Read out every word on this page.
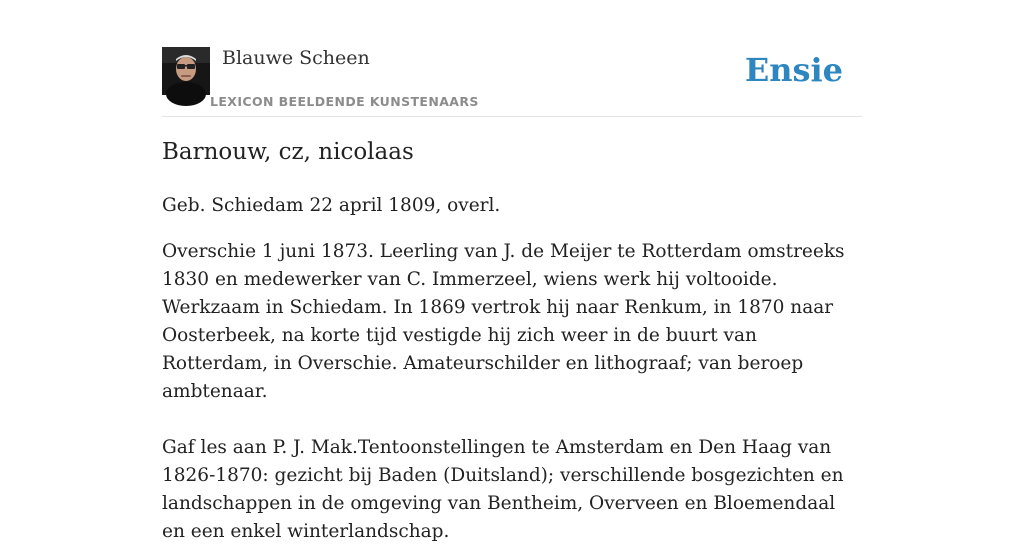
Blauwe Scheen
LEXICON BEELDENDE KUNSTENAARS
Ensie
Barnouw, cz, nicolaas

Geb. Schiedam 22 april 1809, overl.

Overschie 1 juni 1873. Leerling van J. de Meijer te Rotterdam omstreeks 1830 en medewerker van C. Immerzeel, wiens werk hij voltooide. Werkzaam in Schiedam. In 1869 vertrok hij naar Renkum, in 1870 naar Oosterbeek, na korte tijd vestigde hij zich weer in de buurt van Rotterdam, in Overschie. Amateurschilder en lithograaf; van beroep ambtenaar.

Gaf les aan P. J. Mak.Tentoonstellingen te Amsterdam en Den Haag van 1826-1870: gezicht bij Baden (Duitsland); verschillende bosgezichten en landschappen in de omgeving van Bentheim, Overveen en Bloemendaal en een enkel winterlandschap.
